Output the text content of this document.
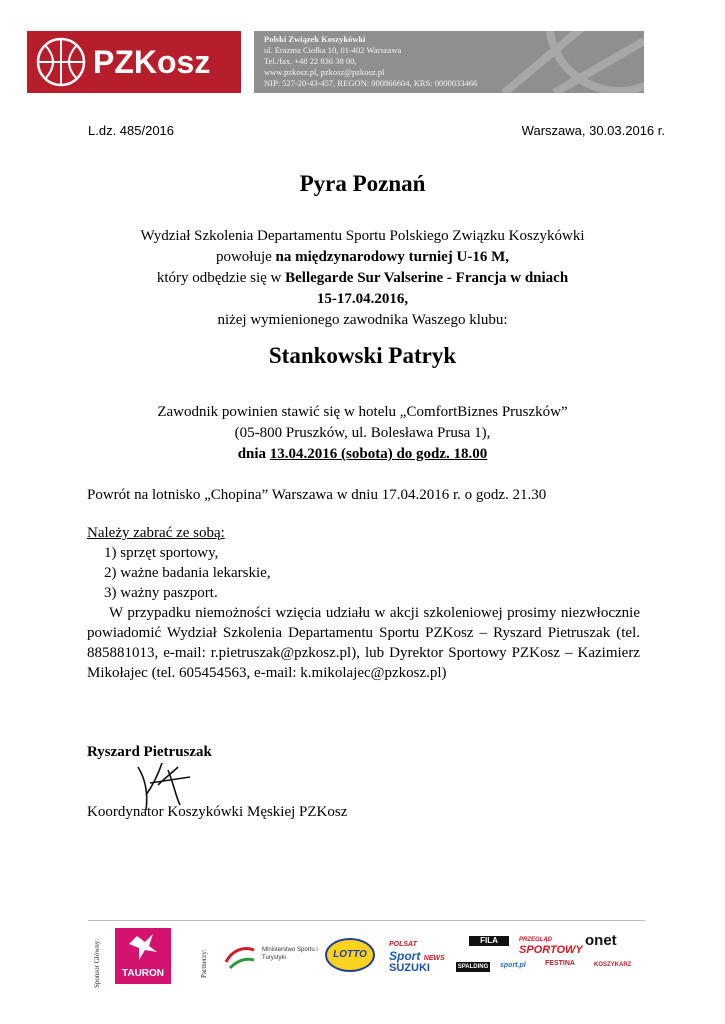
PZKosz
Polski Związek Koszykówki
ul. Erazma Ciołka 10, 01-402 Warszawa
Tel./fax. +48 22 836 38 00,
www.pzkosz.pl, pzkosz@pzkosz.pl
NIP: 527-20-43-457, REGON: 000866604, KRS: 0000033466
L.dz. 485/2016	Warszawa, 30.03.2016 r.
Pyra Poznań
Wydział Szkolenia Departamentu Sportu Polskiego Związku Koszykówki
powołuje na międzynarodowy turniej U-16 M,
który odbędzie się w Bellegarde Sur Valserine - Francja w dniach
15-17.04.2016,
niżej wymienionego zawodnika Waszego klubu:
Stankowski Patryk
Zawodnik powinien stawić się w hotelu „ComfortBiznes Pruszków”
(05-800 Pruszków, ul. Bolesława Prusa 1),
dnia 13.04.2016 (sobota) do godz. 18.00
Powrót na lotnisko „Chopina” Warszawa w dniu 17.04.2016 r. o godz. 21.30
Należy zabrać ze sobą:
1) sprzęt sportowy,
2) ważne badania lekarskie,
3) ważny paszport.
W przypadku niemożności wzięcia udziału w akcji szkoleniowej prosimy niezwłocznie powiadomić Wydział Szkolenia Departamentu Sportu PZKosz – Ryszard Pietruszak (tel. 885881013, e-mail: r.pietruszak@pzkosz.pl), lub Dyrektor Sportowy PZKosz – Kazimierz Mikołajec (tel. 605454563, e-mail: k.mikolajec@pzkosz.pl)
Ryszard Pietruszak
Koordynator Koszykówki Męskiej PZKosz
Sponsor Główny:	TAURON	Partnerzy:	Ministerstwo Sportu i Turystyki	LOTTO
POLSAT
Sport NEWS
FILA	PRZEGLĄD
SPORTOWY
onet
SUZUKI	SPALDING sport.pl	FESTINA	KOSZYKARZ
